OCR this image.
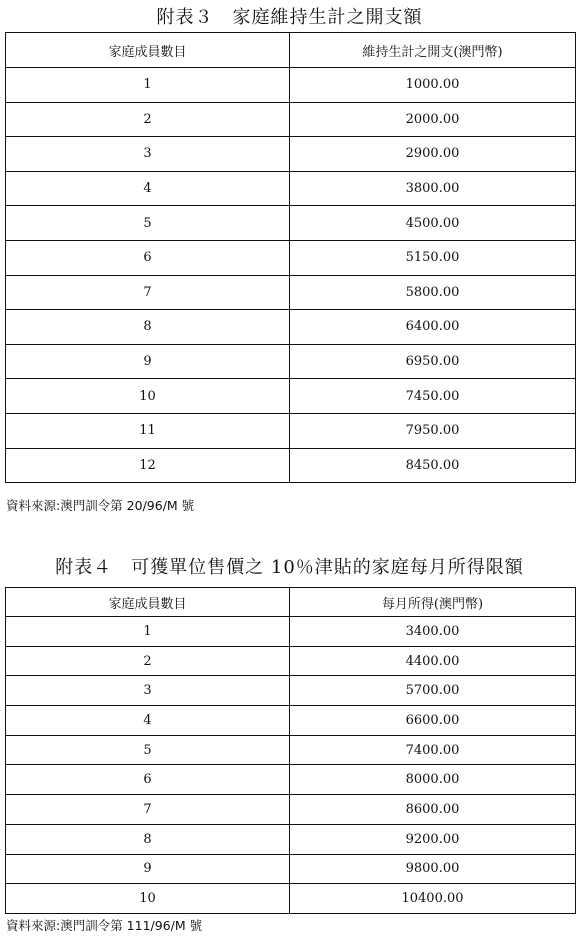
附表３　家庭維持生計之開支額
家庭成員數目	維持生計之開支(澳門幣)
1	1000.00
2	2000.00
3	2900.00
4	3800.00
5	4500.00
6	5150.00
7	5800.00
8	6400.00
9	6950.00
10	7450.00
11	7950.00
12	8450.00
資料來源:澳門訓令第 20/96/M 號
附表４　可獲單位售價之 10％津貼的家庭每月所得限額
家庭成員數目	每月所得(澳門幣)
1	3400.00
2	4400.00
3	5700.00
4	6600.00
5	7400.00
6	8000.00
7	8600.00
8	9200.00
9	9800.00
10	10400.00
資料來源:澳門訓令第 111/96/M 號
